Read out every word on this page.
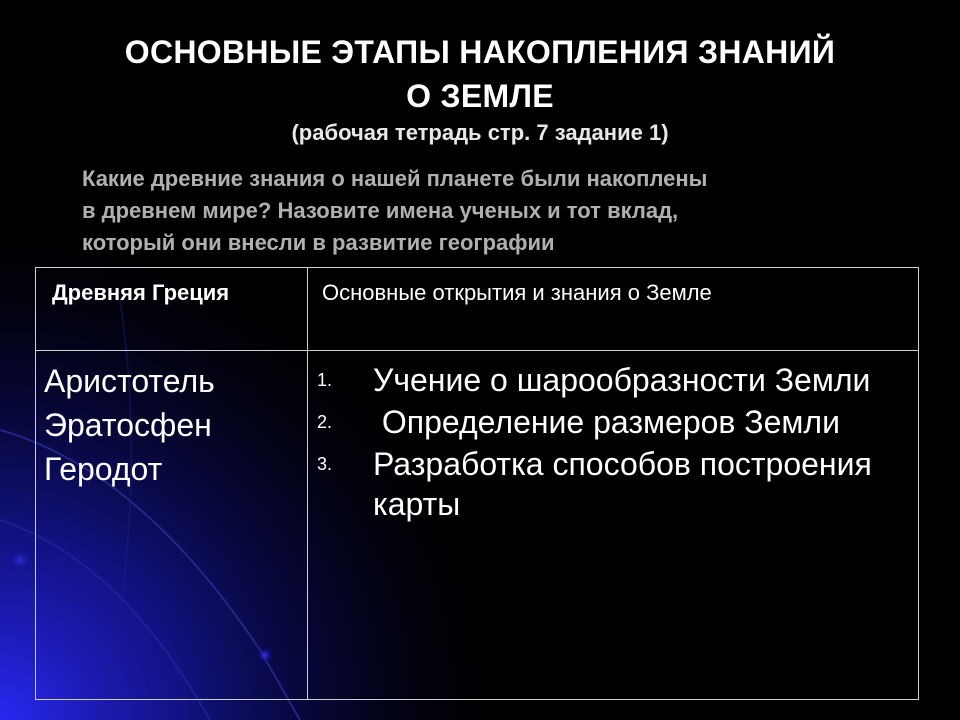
ОСНОВНЫЕ ЭТАПЫ НАКОПЛЕНИЯ ЗНАНИЙ
О ЗЕМЛЕ
(рабочая тетрадь стр. 7 задание 1)
Какие древние знания о нашей планете были накоплены
в древнем мире? Назовите имена ученых и тот вклад,
который они внесли в развитие географии
Древняя Греция	Основные открытия и знания о Земле
Аристотель
Эратосфен
Геродот
1. Учение о шарообразности Земли
2. Определение размеров Земли
3. Разработка способов построения карты
